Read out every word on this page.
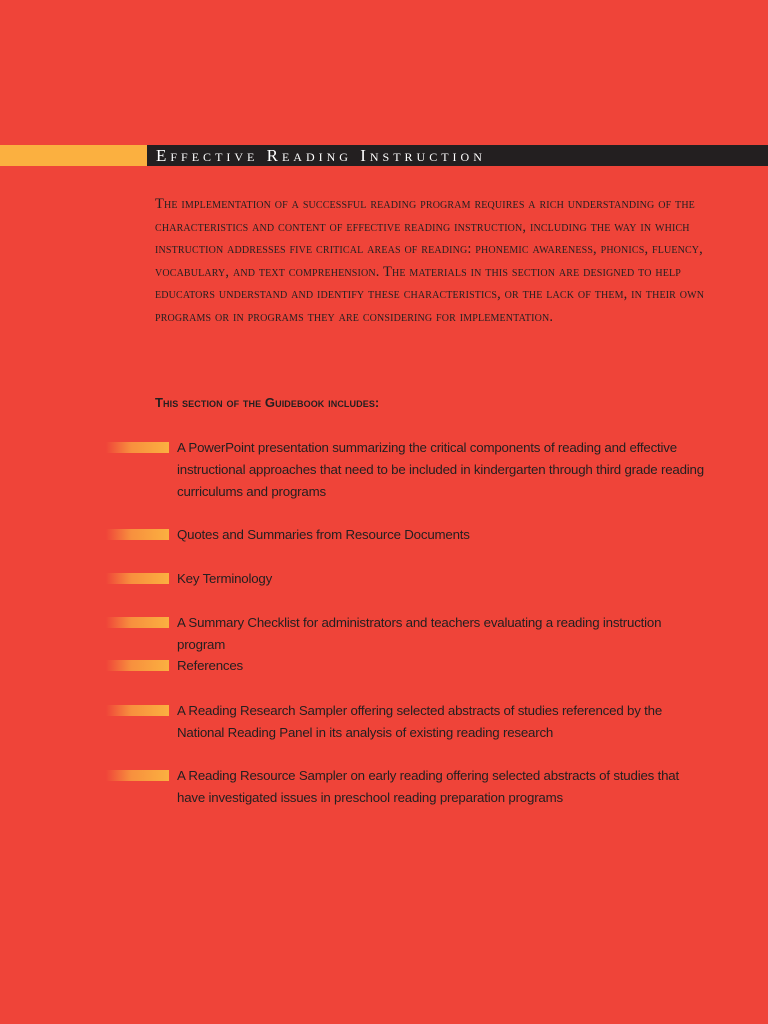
Effective Reading Instruction

The implementation of a successful reading program requires a rich understanding of the characteristics and content of effective reading instruction, including the way in which instruction addresses five critical areas of reading: phonemic awareness, phonics, fluency, vocabulary, and text comprehension. The materials in this section are designed to help educators understand and identify these characteristics, or the lack of them, in their own programs or in programs they are considering for implementation.

This section of the Guidebook includes:

A PowerPoint presentation summarizing the critical components of reading and effective instructional approaches that need to be included in kindergarten through third grade reading curriculums and programs

Quotes and Summaries from Resource Documents

Key Terminology

A Summary Checklist for administrators and teachers evaluating a reading instruction program

References

A Reading Research Sampler offering selected abstracts of studies referenced by the National Reading Panel in its analysis of existing reading research

A Reading Resource Sampler on early reading offering selected abstracts of studies that have investigated issues in preschool reading preparation programs
